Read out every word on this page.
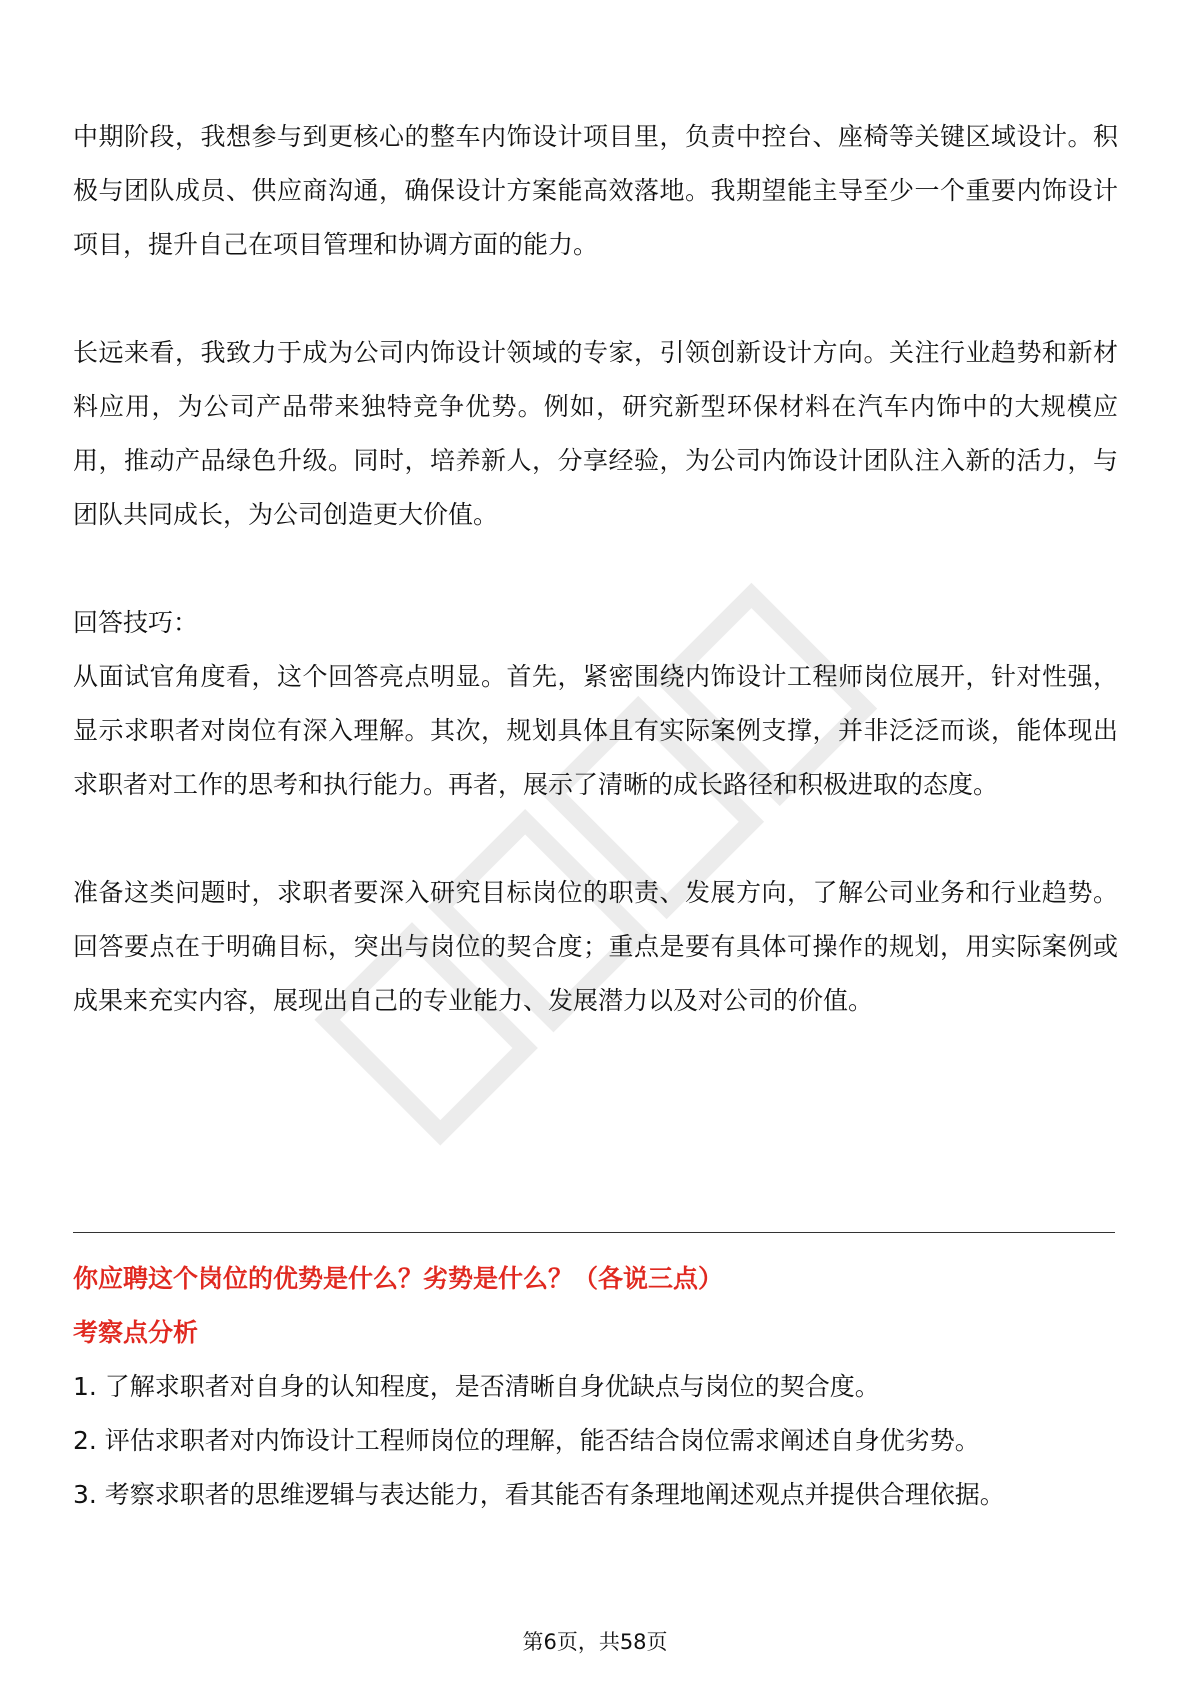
中期阶段，我想参与到更核心的整车内饰设计项目里，负责中控台、座椅等关键区域设计。积极与团队成员、供应商沟通，确保设计方案能高效落地。我期望能主导至少一个重要内饰设计项目，提升自己在项目管理和协调方面的能力。

长远来看，我致力于成为公司内饰设计领域的专家，引领创新设计方向。关注行业趋势和新材料应用，为公司产品带来独特竞争优势。例如，研究新型环保材料在汽车内饰中的大规模应用，推动产品绿色升级。同时，培养新人，分享经验，为公司内饰设计团队注入新的活力，与团队共同成长，为公司创造更大价值。

回答技巧：

从面试官角度看，这个回答亮点明显。首先，紧密围绕内饰设计工程师岗位展开，针对性强，显示求职者对岗位有深入理解。其次，规划具体且有实际案例支撑，并非泛泛而谈，能体现出求职者对工作的思考和执行能力。再者，展示了清晰的成长路径和积极进取的态度。

准备这类问题时，求职者要深入研究目标岗位的职责、发展方向，了解公司业务和行业趋势。回答要点在于明确目标，突出与岗位的契合度；重点是要有具体可操作的规划，用实际案例或成果来充实内容，展现出自己的专业能力、发展潜力以及对公司的价值。

你应聘这个岗位的优势是什么？劣势是什么？（各说三点）

考察点分析

1. 了解求职者对自身的认知程度，是否清晰自身优缺点与岗位的契合度。

2. 评估求职者对内饰设计工程师岗位的理解，能否结合岗位需求阐述自身优劣势。

3. 考察求职者的思维逻辑与表达能力，看其能否有条理地阐述观点并提供合理依据。

第6页，共58页
